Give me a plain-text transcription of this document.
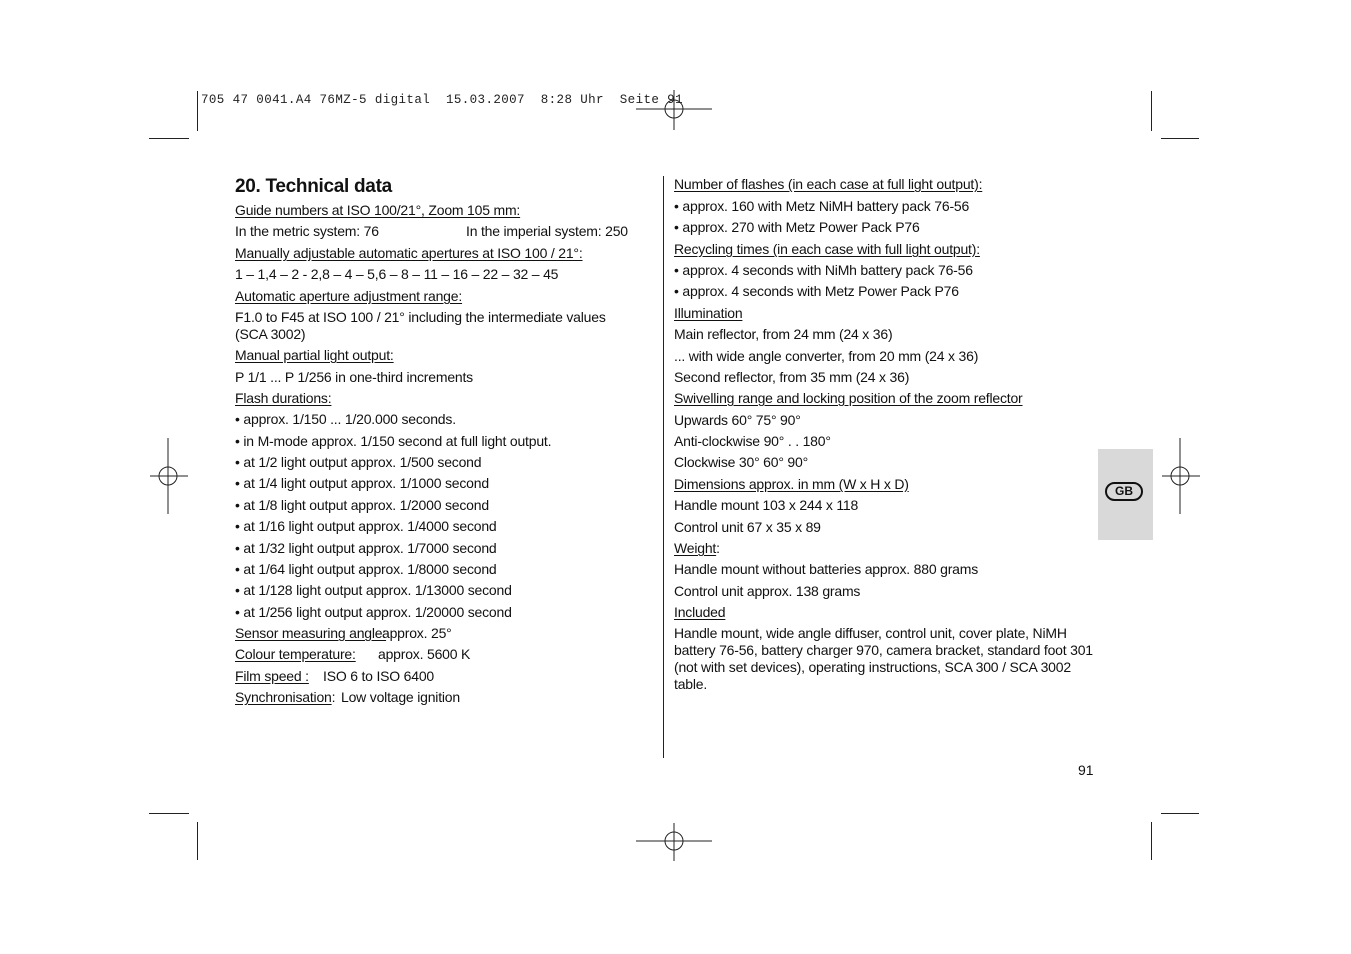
705 47 0041.A4 76MZ-5 digital  15.03.2007  8:28 Uhr  Seite 91
20. Technical data
Guide numbers at ISO 100/21°, Zoom 105 mm:
In the metric system: 76	In the imperial system: 250
Manually adjustable automatic apertures at ISO 100 / 21°:
1 – 1,4 – 2 - 2,8 – 4 – 5,6 – 8 – 11 – 16 – 22 – 32 – 45
Automatic aperture adjustment range:
F1.0 to F45 at ISO 100 / 21° including the intermediate values (SCA 3002)
Manual partial light output:
P 1/1 ... P 1/256 in one-third increments
Flash durations:
• approx. 1/150 ... 1/20.000 seconds.
• in M-mode approx. 1/150 second at full light output.
• at 1/2 light output approx. 1/500 second
• at 1/4 light output approx. 1/1000 second
• at 1/8 light output approx. 1/2000 second
• at 1/16 light output approx. 1/4000 second
• at 1/32 light output approx. 1/7000 second
• at 1/64 light output approx. 1/8000 second
• at 1/128 light output approx. 1/13000 second
• at 1/256 light output approx. 1/20000 second
Sensor measuring angle:
approx. 25°
Colour temperature: approx. 5600 K
Film speed : ISO 6 to ISO 6400
Synchronisation: Low voltage ignition
Number of flashes (in each case at full light output):
• approx. 160 with Metz NiMH battery pack 76-56
• approx. 270 with Metz Power Pack P76
Recycling times (in each case with full light output):
• approx. 4 seconds with NiMh battery pack 76-56
• approx. 4 seconds with Metz Power Pack P76
Illumination
Main reflector, from 24 mm (24 x 36)
... with wide angle converter, from 20 mm (24 x 36)
Second reflector, from 35 mm (24 x 36)
Swivelling range and locking position of the zoom reflector
Upwards 60° 75° 90°
Anti-clockwise 90° . . 180°
Clockwise 30° 60° 90°
Dimensions approx. in mm (W x H x D)
Handle mount 103 x 244 x 118
Control unit 67 x 35 x 89
Weight:
Handle mount without batteries approx. 880 grams
Control unit approx. 138 grams
Included
Handle mount, wide angle diffuser, control unit, cover plate, NiMH battery 76-56, battery charger 970, camera bracket, standard foot 301 (not with set devices), operating instructions, SCA 300 / SCA 3002 table.
GB
91
